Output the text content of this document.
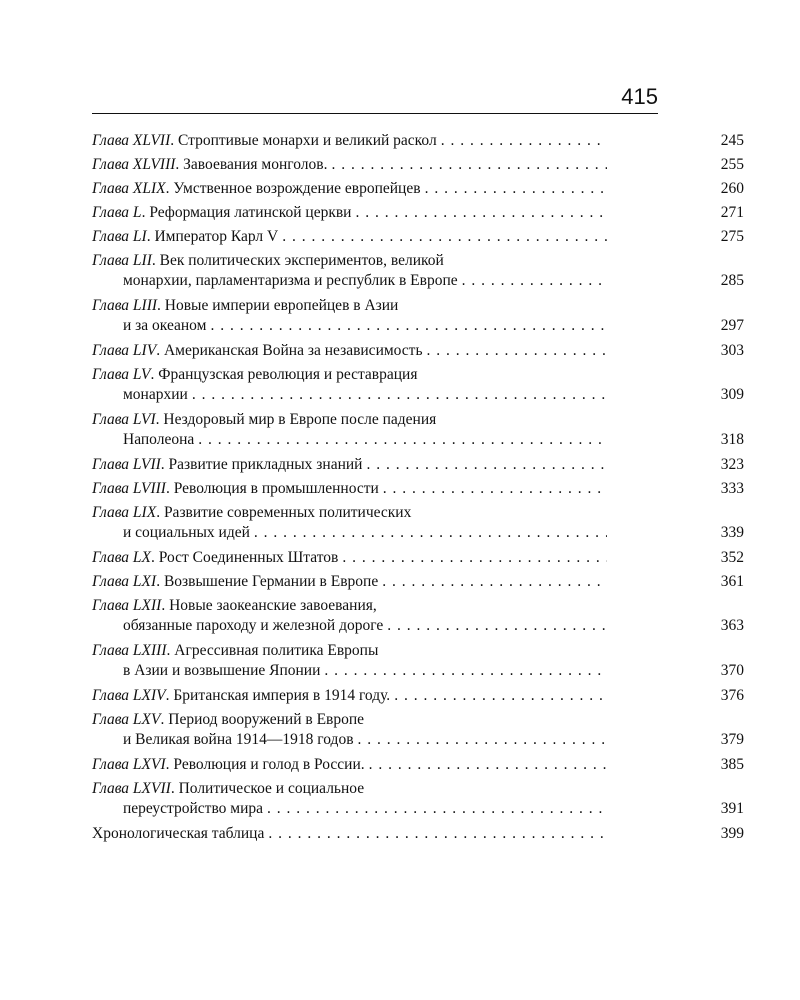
415
Глава XLVII . Строптивые монархи и великий раскол . . .	245
Глава XLVIII . Завоевания монголов. . . .	255
Глава XLIX . Умственное возрождение европейцев . . .	260
Глава L . Реформация латинской церкви . . .	271
Глава LI . Император Карл V . . .	275
Глава LII . Век политических экспериментов, великой
монархии, парламентаризма и республик в Европе . . .	285
Глава LIII . Новые империи европейцев в Азии
и за океаном . . .	297
Глава LIV . Американская Война за независимость . . .	303
Глава LV . Французская революция и реставрация
монархии . . .	309
Глава LVI . Нездоровый мир в Европе после падения
Наполеона . . .	318
Глава LVII . Развитие прикладных знаний . . .	323
Глава LVIII . Революция в промышленности . . .	333
Глава LIX . Развитие современных политических
и социальных идей . . .	339
Глава LX . Рост Соединенных Штатов . . .	352
Глава LXI . Возвышение Германии в Европе . . .	361
Глава LXII . Новые заокеанские завоевания,
обязанные пароходу и железной дороге . . .	363
Глава LXIII . Агрессивная политика Европы
в Азии и возвышение Японии . . .	370
Глава LXIV . Британская империя в 1914 году. . . .	376
Глава LXV . Период вооружений в Европе
и Великая война 1914—1918 годов . . .	379
Глава LXVI . Революция и голод в России. . . .	385
Глава LXVII . Политическое и социальное
переустройство мира . . .	391
Хронологическая таблица . . .	399
